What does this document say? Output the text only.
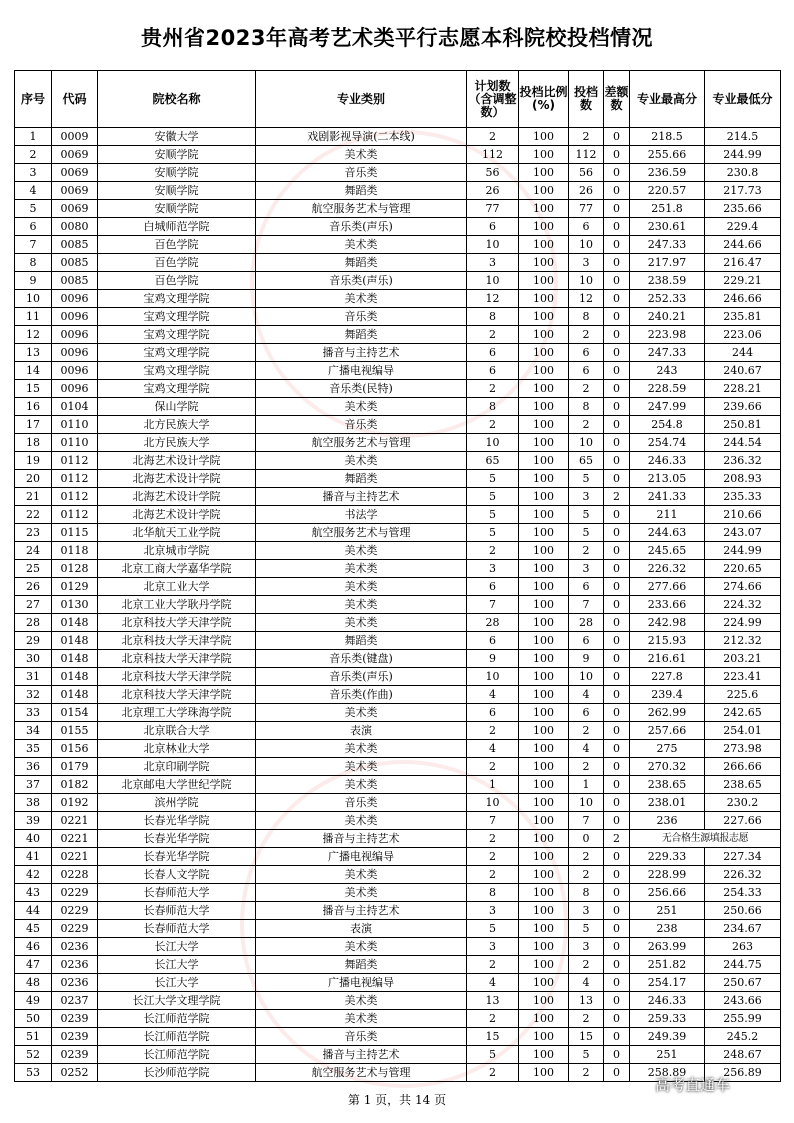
贵州省2023年高考艺术类平行志愿本科院校投档情况
序号	代码	院校名称	专业类别	计划数（含调整数）	投档比例(%)	投档数	差额数	专业最高分	专业最低分
1	0009	安徽大学	戏剧影视导演(二本线)	2	100	2	0	218.5	214.5
2	0069	安顺学院	美术类	112	100	112	0	255.66	244.99
3	0069	安顺学院	音乐类	56	100	56	0	236.59	230.8
4	0069	安顺学院	舞蹈类	26	100	26	0	220.57	217.73
5	0069	安顺学院	航空服务艺术与管理	77	100	77	0	251.8	235.66
6	0080	白城师范学院	音乐类(声乐)	6	100	6	0	230.61	229.4
7	0085	百色学院	美术类	10	100	10	0	247.33	244.66
8	0085	百色学院	舞蹈类	3	100	3	0	217.97	216.47
9	0085	百色学院	音乐类(声乐)	10	100	10	0	238.59	229.21
10	0096	宝鸡文理学院	美术类	12	100	12	0	252.33	246.66
11	0096	宝鸡文理学院	音乐类	8	100	8	0	240.21	235.81
12	0096	宝鸡文理学院	舞蹈类	2	100	2	0	223.98	223.06
13	0096	宝鸡文理学院	播音与主持艺术	6	100	6	0	247.33	244
14	0096	宝鸡文理学院	广播电视编导	6	100	6	0	243	240.67
15	0096	宝鸡文理学院	音乐类(民特)	2	100	2	0	228.59	228.21
16	0104	保山学院	美术类	8	100	8	0	247.99	239.66
17	0110	北方民族大学	音乐类	2	100	2	0	254.8	250.81
18	0110	北方民族大学	航空服务艺术与管理	10	100	10	0	254.74	244.54
19	0112	北海艺术设计学院	美术类	65	100	65	0	246.33	236.32
20	0112	北海艺术设计学院	舞蹈类	5	100	5	0	213.05	208.93
21	0112	北海艺术设计学院	播音与主持艺术	5	100	3	2	241.33	235.33
22	0112	北海艺术设计学院	书法学	5	100	5	0	211	210.66
23	0115	北华航天工业学院	航空服务艺术与管理	5	100	5	0	244.63	243.07
24	0118	北京城市学院	美术类	2	100	2	0	245.65	244.99
25	0128	北京工商大学嘉华学院	美术类	3	100	3	0	226.32	220.65
26	0129	北京工业大学	美术类	6	100	6	0	277.66	274.66
27	0130	北京工业大学耿丹学院	美术类	7	100	7	0	233.66	224.32
28	0148	北京科技大学天津学院	美术类	28	100	28	0	242.98	224.99
29	0148	北京科技大学天津学院	舞蹈类	6	100	6	0	215.93	212.32
30	0148	北京科技大学天津学院	音乐类(键盘)	9	100	9	0	216.61	203.21
31	0148	北京科技大学天津学院	音乐类(声乐)	10	100	10	0	227.8	223.41
32	0148	北京科技大学天津学院	音乐类(作曲)	4	100	4	0	239.4	225.6
33	0154	北京理工大学珠海学院	美术类	6	100	6	0	262.99	242.65
34	0155	北京联合大学	表演	2	100	2	0	257.66	254.01
35	0156	北京林业大学	美术类	4	100	4	0	275	273.98
36	0179	北京印刷学院	美术类	2	100	2	0	270.32	266.66
37	0182	北京邮电大学世纪学院	美术类	1	100	1	0	238.65	238.65
38	0192	滨州学院	音乐类	10	100	10	0	238.01	230.2
39	0221	长春光华学院	美术类	7	100	7	0	236	227.66
40	0221	长春光华学院	播音与主持艺术	2	100	0	2	无合格生源填报志愿	
41	0221	长春光华学院	广播电视编导	2	100	2	0	229.33	227.34
42	0228	长春人文学院	美术类	2	100	2	0	228.99	226.32
43	0229	长春师范大学	美术类	8	100	8	0	256.66	254.33
44	0229	长春师范大学	播音与主持艺术	3	100	3	0	251	250.66
45	0229	长春师范大学	表演	5	100	5	0	238	234.67
46	0236	长江大学	美术类	3	100	3	0	263.99	263
47	0236	长江大学	舞蹈类	2	100	2	0	251.82	244.75
48	0236	长江大学	广播电视编导	4	100	4	0	254.17	250.67
49	0237	长江大学文理学院	美术类	13	100	13	0	246.33	243.66
50	0239	长江师范学院	美术类	2	100	2	0	259.33	255.99
51	0239	长江师范学院	音乐类	15	100	15	0	249.39	245.2
52	0239	长江师范学院	播音与主持艺术	5	100	5	0	251	248.67
53	0252	长沙师范学院	航空服务艺术与管理	2	100	2	0	258.89	256.89
第 1 页，共 14 页
高考直通车
